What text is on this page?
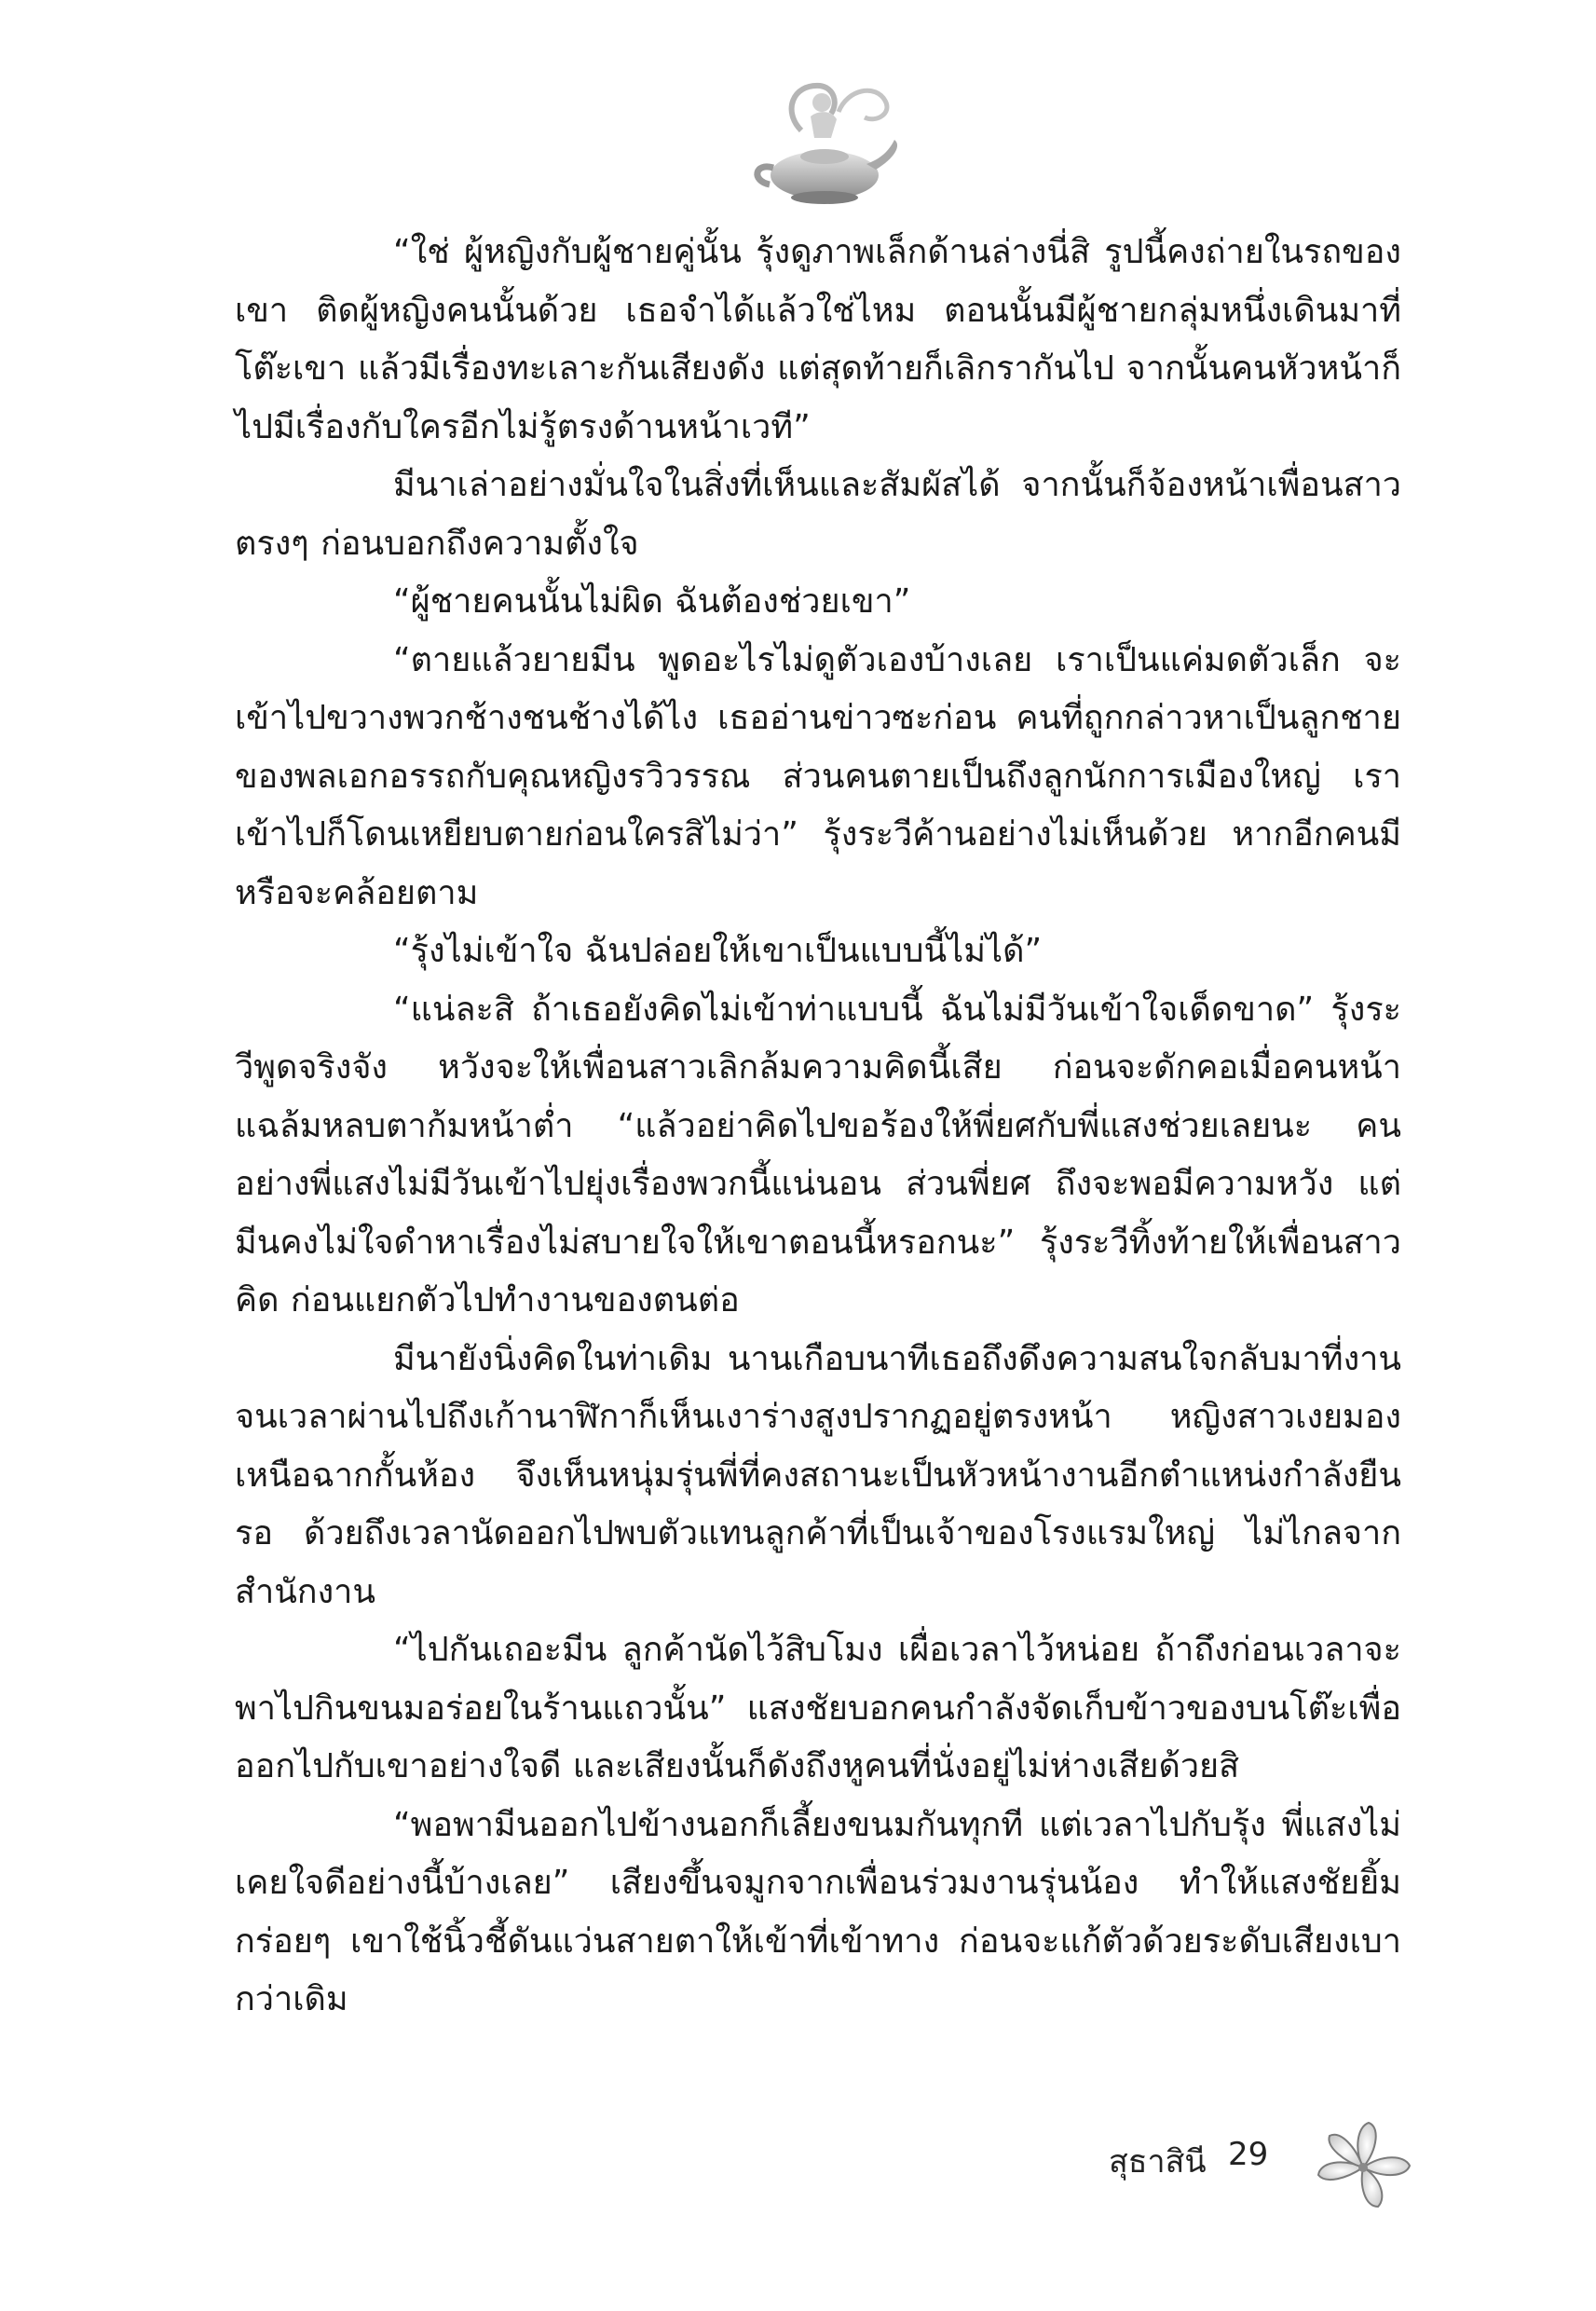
“ใช่ ผู้หญิงกับผู้ชายคู่นั้น รุ้งดูภาพเล็กด้านล่างนี่สิ รูปนี้คงถ่ายในรถของเขา ติดผู้หญิงคนนั้นด้วย เธอจำได้แล้วใช่ไหม ตอนนั้นมีผู้ชายกลุ่มหนึ่งเดินมาที่โต๊ะเขา แล้วมีเรื่องทะเลาะกันเสียงดัง แต่สุดท้ายก็เลิกรากันไป จากนั้นคนหัวหน้าก็ไปมีเรื่องกับใครอีกไม่รู้ตรงด้านหน้าเวที”

มีนาเล่าอย่างมั่นใจในสิ่งที่เห็นและสัมผัสได้ จากนั้นก็จ้องหน้าเพื่อนสาวตรงๆ ก่อนบอกถึงความตั้งใจ

“ผู้ชายคนนั้นไม่ผิด ฉันต้องช่วยเขา”

“ตายแล้วยายมีน พูดอะไรไม่ดูตัวเองบ้างเลย เราเป็นแค่มดตัวเล็ก จะเข้าไปขวางพวกช้างชนช้างได้ไง เธออ่านข่าวซะก่อน คนที่ถูกกล่าวหาเป็นลูกชายของพลเอกอรรถกับคุณหญิงรวิวรรณ ส่วนคนตายเป็นถึงลูกนักการเมืองใหญ่ เราเข้าไปก็โดนเหยียบตายก่อนใครสิไม่ว่า” รุ้งระวีค้านอย่างไม่เห็นด้วย หากอีกคนมีหรือจะคล้อยตาม

“รุ้งไม่เข้าใจ ฉันปล่อยให้เขาเป็นแบบนี้ไม่ได้”

“แน่ละสิ ถ้าเธอยังคิดไม่เข้าท่าแบบนี้ ฉันไม่มีวันเข้าใจเด็ดขาด” รุ้งระวีพูดจริงจัง หวังจะให้เพื่อนสาวเลิกล้มความคิดนี้เสีย ก่อนจะดักคอเมื่อคนหน้าแฉล้มหลบตาก้มหน้าต่ำ “แล้วอย่าคิดไปขอร้องให้พี่ยศกับพี่แสงช่วยเลยนะ คนอย่างพี่แสงไม่มีวันเข้าไปยุ่งเรื่องพวกนี้แน่นอน ส่วนพี่ยศ ถึงจะพอมีความหวัง แต่มีนคงไม่ใจดำหาเรื่องไม่สบายใจให้เขาตอนนี้หรอกนะ” รุ้งระวีทิ้งท้ายให้เพื่อนสาวคิด ก่อนแยกตัวไปทำงานของตนต่อ

มีนายังนิ่งคิดในท่าเดิม นานเกือบนาทีเธอถึงดึงความสนใจกลับมาที่งาน จนเวลาผ่านไปถึงเก้านาฬิกาก็เห็นเงาร่างสูงปรากฏอยู่ตรงหน้า หญิงสาวเงยมองเหนือฉากกั้นห้อง จึงเห็นหนุ่มรุ่นพี่ที่คงสถานะเป็นหัวหน้างานอีกตำแหน่งกำลังยืนรอ ด้วยถึงเวลานัดออกไปพบตัวแทนลูกค้าที่เป็นเจ้าของโรงแรมใหญ่ ไม่ไกลจากสำนักงาน

“ไปกันเถอะมีน ลูกค้านัดไว้สิบโมง เผื่อเวลาไว้หน่อย ถ้าถึงก่อนเวลาจะพาไปกินขนมอร่อยในร้านแถวนั้น” แสงชัยบอกคนกำลังจัดเก็บข้าวของบนโต๊ะเพื่อออกไปกับเขาอย่างใจดี และเสียงนั้นก็ดังถึงหูคนที่นั่งอยู่ไม่ห่างเสียด้วยสิ

“พอพามีนออกไปข้างนอกก็เลี้ยงขนมกันทุกที แต่เวลาไปกับรุ้ง พี่แสงไม่เคยใจดีอย่างนี้บ้างเลย” เสียงขึ้นจมูกจากเพื่อนร่วมงานรุ่นน้อง ทำให้แสงชัยยิ้มกร่อยๆ เขาใช้นิ้วชี้ดันแว่นสายตาให้เข้าที่เข้าทาง ก่อนจะแก้ตัวด้วยระดับเสียงเบากว่าเดิม

สุธาสินี 29
